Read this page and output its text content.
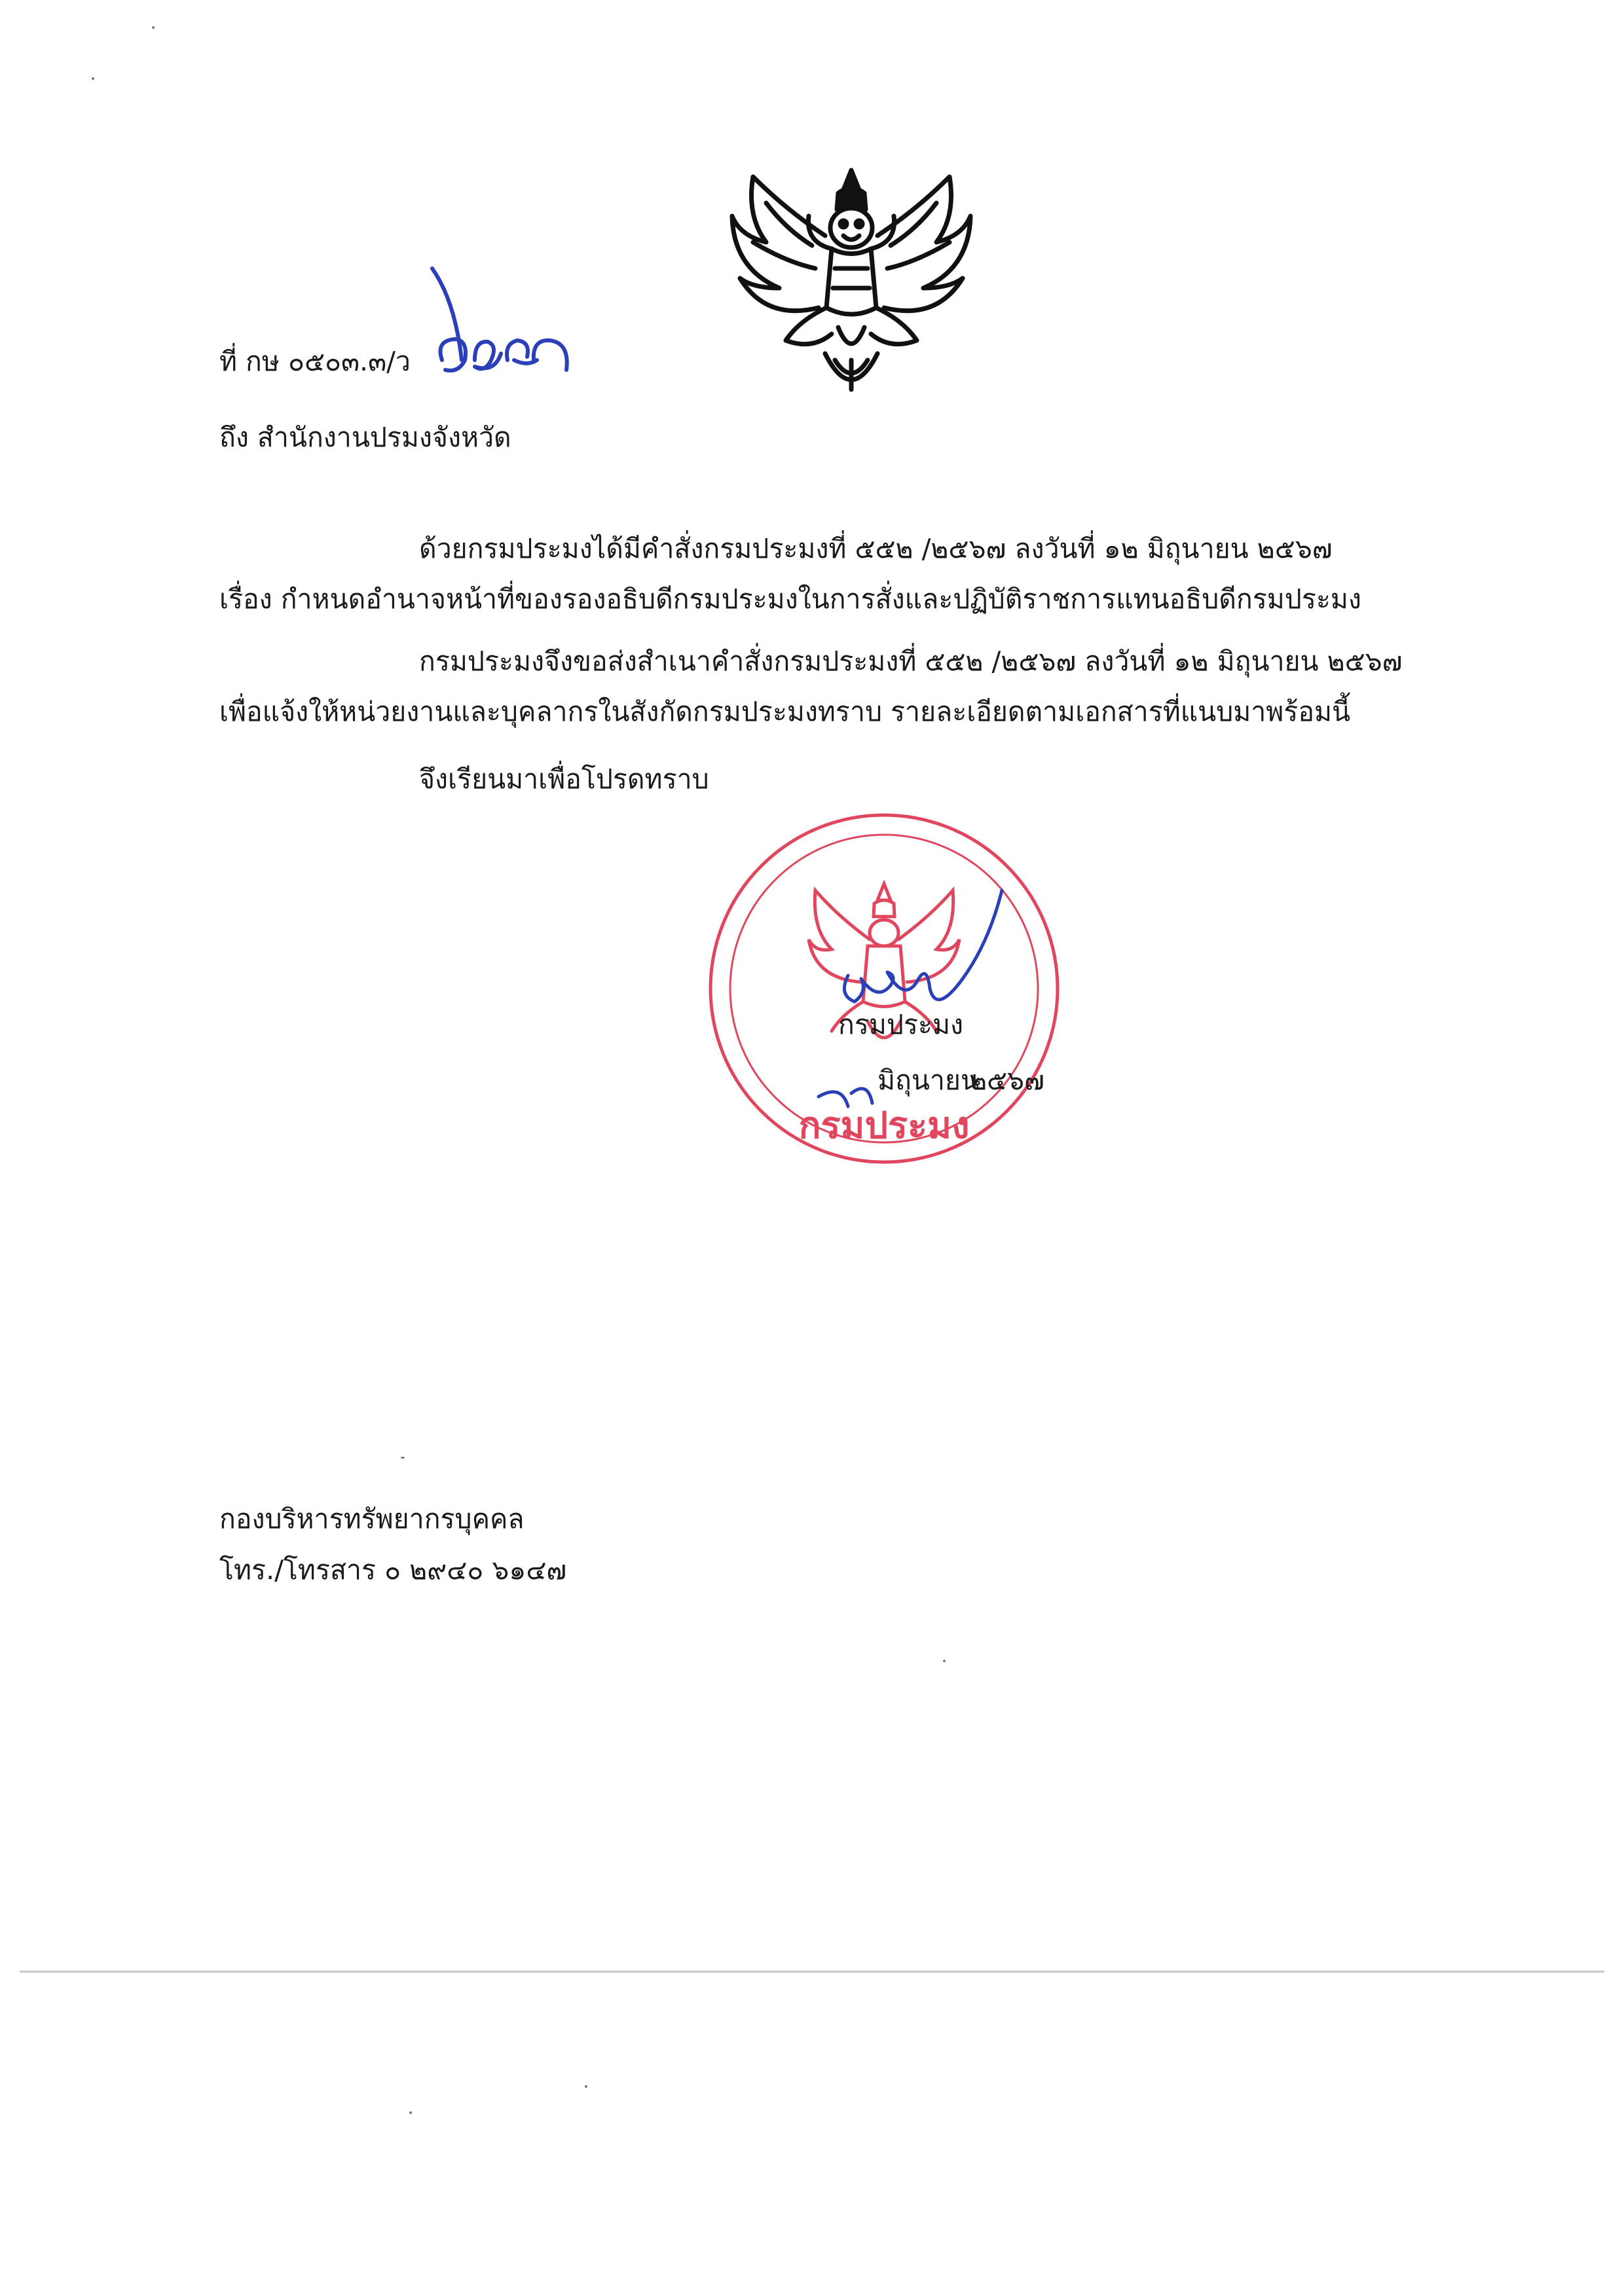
ที่ กษ ๐๕๐๓.๓/ว
ถึง สำนักงานปรมงจังหวัด
ด้วยกรมประมงได้มีคำสั่งกรมประมงที่ ๕๕๒ /๒๕๖๗ ลงวันที่ ๑๒ มิถุนายน ๒๕๖๗
เรื่อง กำหนดอำนาจหน้าที่ของรองอธิบดีกรมประมงในการสั่งและปฏิบัติราชการแทนอธิบดีกรมประมง
กรมประมงจึงขอส่งสำเนาคำสั่งกรมประมงที่ ๕๕๒ /๒๕๖๗ ลงวันที่ ๑๒ มิถุนายน ๒๕๖๗
เพื่อแจ้งให้หน่วยงานและบุคลากรในสังกัดกรมประมงทราบ รายละเอียดตามเอกสารที่แนบมาพร้อมนี้
จึงเรียนมาเพื่อโปรดทราบ
กรมประมง
กรมประมง
มิถุนายน
๒๕๖๗
กองบริหารทรัพยากรบุคคล
โทร./โทรสาร ๐ ๒๙๔๐ ๖๑๔๗
